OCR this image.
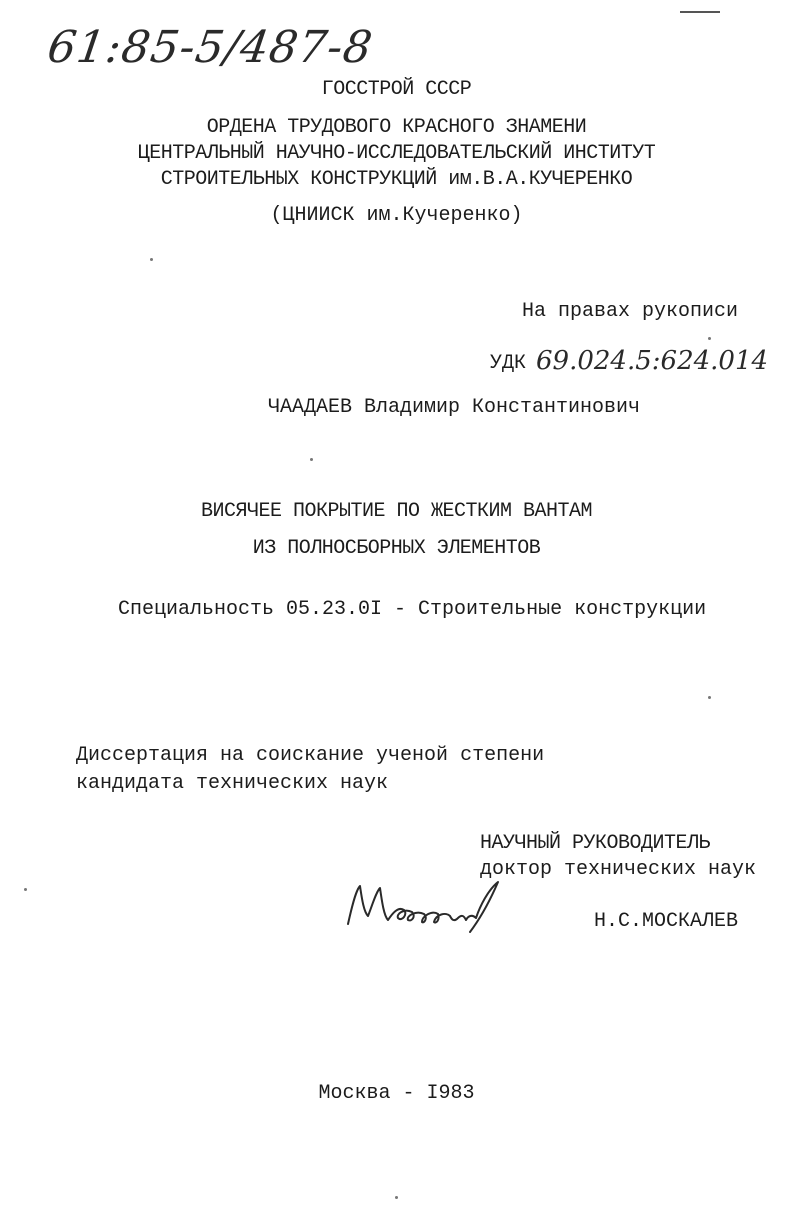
61:85-5/487-8
ГОССТРОЙ СССР
ОРДЕНА ТРУДОВОГО КРАСНОГО ЗНАМЕНИ
ЦЕНТРАЛЬНЫЙ НАУЧНО-ИССЛЕДОВАТЕЛЬСКИЙ ИНСТИТУТ
СТРОИТЕЛЬНЫХ КОНСТРУКЦИЙ им.В.А.КУЧЕРЕНКО
(ЦНИИСК им.Кучеренко)
На правах рукописи
УДК 69.024.5:624.014
ЧААДАЕВ Владимир Константинович
ВИСЯЧЕЕ ПОКРЫТИЕ ПО ЖЕСТКИМ ВАНТАМ
ИЗ ПОЛНОСБОРНЫХ ЭЛЕМЕНТОВ
Специальность 05.23.0I - Строительные конструкции
Диссертация на соискание ученой степени
кандидата технических наук
НАУЧНЫЙ РУКОВОДИТЕЛЬ
доктор технических наук
Н.С.МОСКАЛЕВ
Москва - I983
